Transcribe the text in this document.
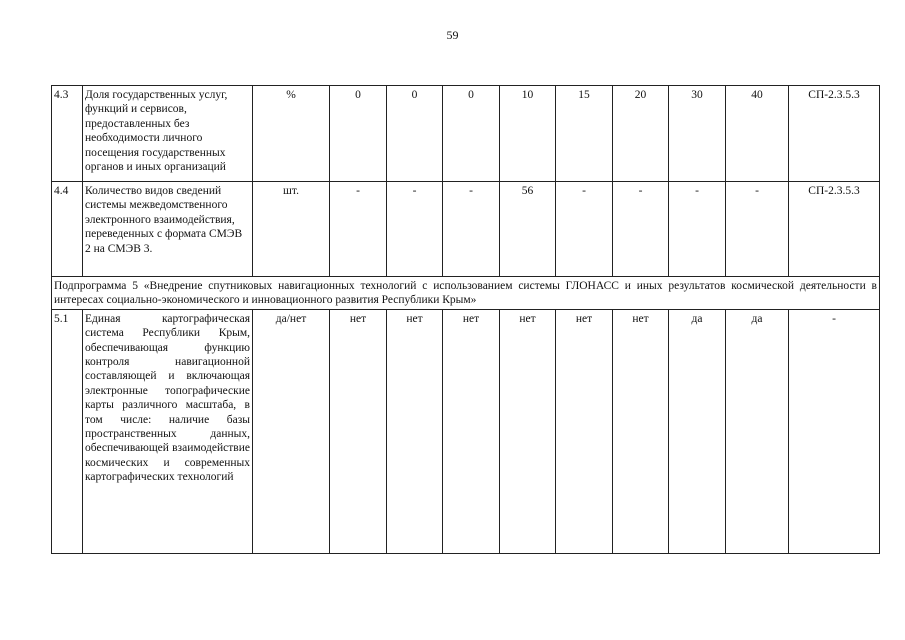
59
4.3	Доля государственных услуг, функций и сервисов, предоставленных без необходимости личного посещения государственных органов и иных организаций	%	0	0	0	10	15	20	30	40	СП-2.3.5.3
4.4	Количество видов сведений системы межведомственного электронного взаимодействия, переведенных с формата СМЭВ 2 на СМЭВ 3.	шт.	-	-	-	56	-	-	-	-	СП-2.3.5.3
Подпрограмма 5 «Внедрение спутниковых навигационных технологий с использованием системы ГЛОНАСС и иных результатов космической деятельности в интересах социально-экономического и инновационного развития Республики Крым»											
5.1	Единая картографическая система Республики Крым, обеспечивающая функцию контроля навигационной составляющей и включающая электронные топографические карты различного масштаба, в том числе: наличие базы пространственных данных, обеспечивающей взаимодействие космических и современных картографических технологий	да/нет	нет	нет	нет	нет	нет	нет	да	да	-
